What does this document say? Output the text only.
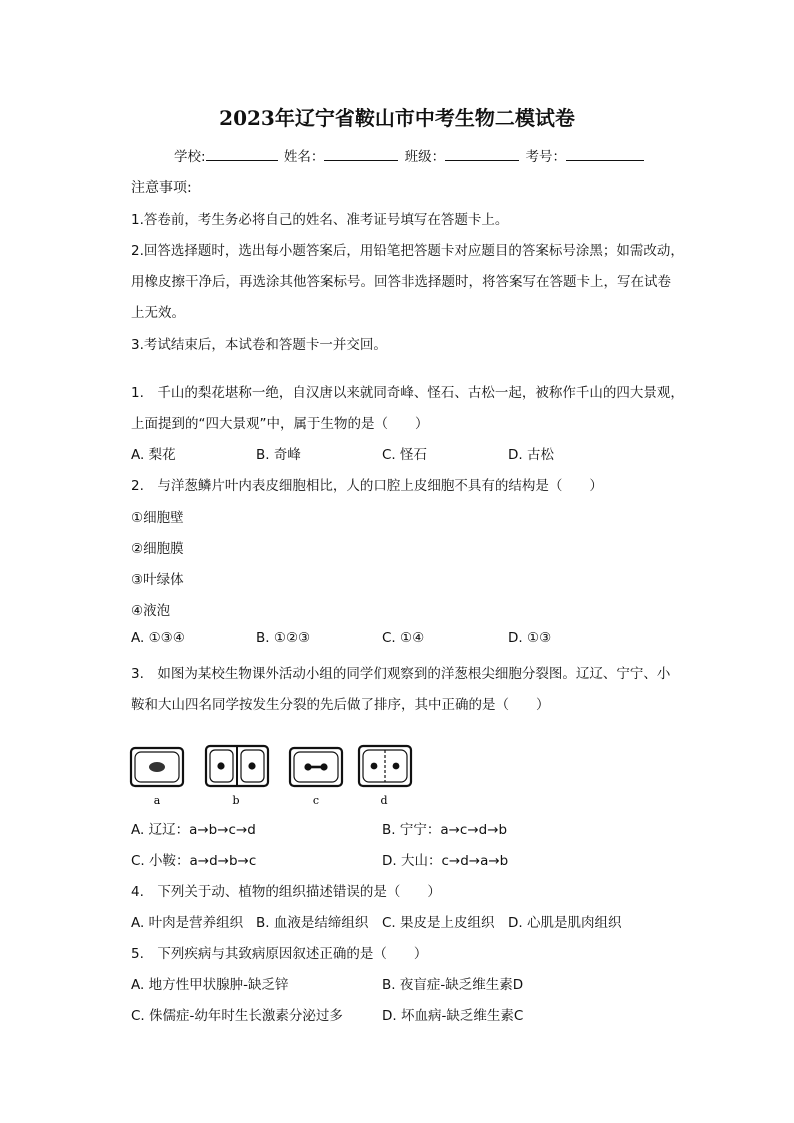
2023年辽宁省鞍山市中考生物二模试卷
学校:	姓名：	班级：	考号：
注意事项:
1.答卷前，考生务必将自己的姓名、准考证号填写在答题卡上。
2.回答选择题时，选出每小题答案后，用铅笔把答题卡对应题目的答案标号涂黑；如需改动，
用橡皮擦干净后，再选涂其他答案标号。回答非选择题时，将答案写在答题卡上，写在试卷
上无效。
3.考试结束后，本试卷和答题卡一并交回。
1.　千山的梨花堪称一绝，自汉唐以来就同奇峰、怪石、古松一起，被称作千山的四大景观，
上面提到的“四大景观”中，属于生物的是（　　）
A. 梨花	B. 奇峰	C. 怪石	D. 古松
2.　与洋葱鳞片叶内表皮细胞相比，人的口腔上皮细胞不具有的结构是（　　）
①细胞壁
②细胞膜
③叶绿体
④液泡
A. ①③④	B. ①②③	C. ①④	D. ①③
3.　如图为某校生物课外活动小组的同学们观察到的洋葱根尖细胞分裂图。辽辽、宁宁、小
鞍和大山四名同学按发生分裂的先后做了排序，其中正确的是（　　）
a	b	c	d
A. 辽辽：a→b→c→d	B. 宁宁：a→c→d→b
C. 小鞍：a→d→b→c	D. 大山：c→d→a→b
4.　下列关于动、植物的组织描述错误的是（　　）
A. 叶肉是营养组织 B. 血液是结缔组织 C. 果皮是上皮组织 D. 心肌是肌肉组织
5.　下列疾病与其致病原因叙述正确的是（　　）
A. 地方性甲状腺肿-缺乏锌	B. 夜盲症-缺乏维生素D
C. 侏儒症-幼年时生长激素分泌过多	D. 坏血病-缺乏维生素C
